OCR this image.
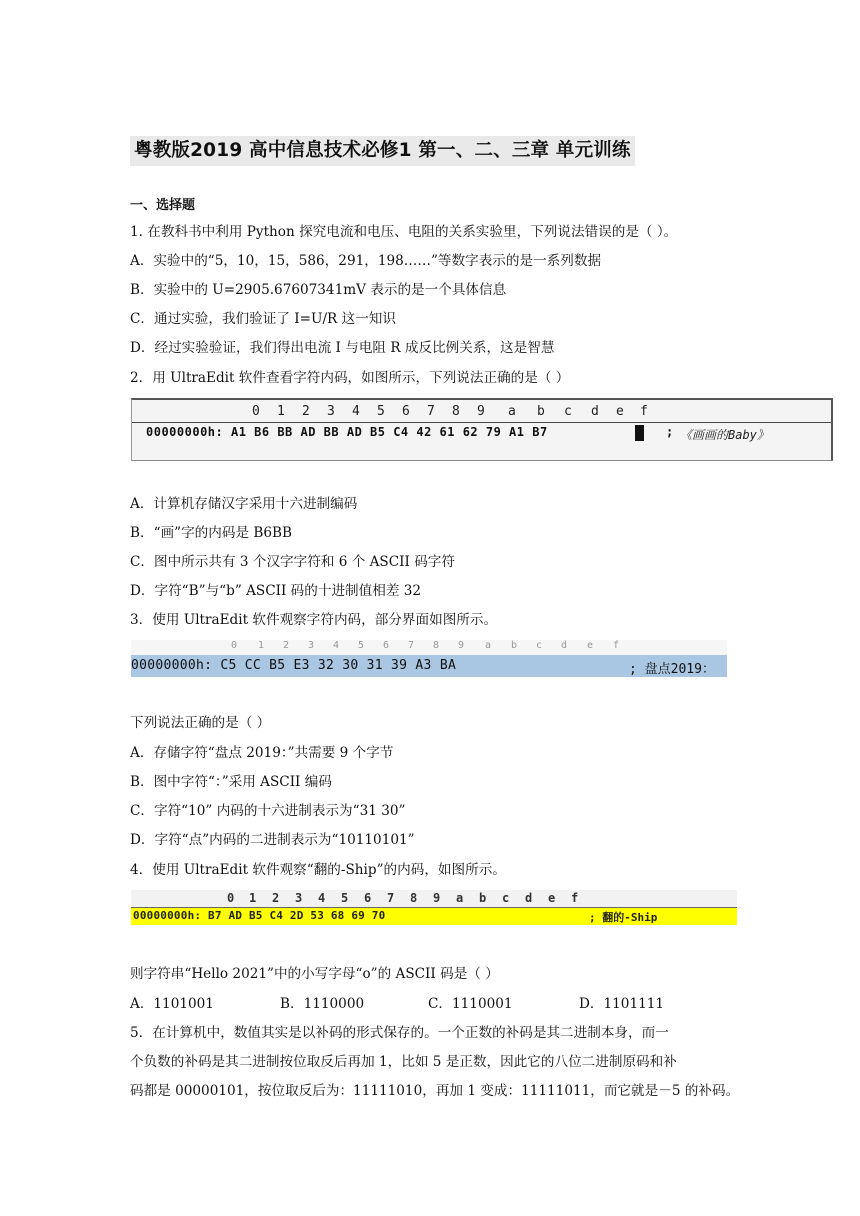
粤教版2019 高中信息技术必修1 第一、二、三章 单元训练
一、选择题
1. 在教科书中利用 Python 探究电流和电压、电阻的关系实验里，下列说法错误的是（ ）。
A．实验中的“5，10，15，586，291，198……”等数字表示的是一系列数据
B．实验中的 U=2905.67607341mV 表示的是一个具体信息
C．通过实验，我们验证了 I=U/R 这一知识
D．经过实验验证，我们得出电流 I 与电阻 R 成反比例关系，这是智慧
2．用 UltraEdit 软件查看字符内码，如图所示，下列说法正确的是（ ）
0 1 2 3 4 5 6 7 8 9 a b c d e f
00000000h: A1 B6 BB AD BB AD B5 C4 42 61 62 79 A1 B7	; 《画画的Baby》
A．计算机存储汉字采用十六进制编码
B．“画”字的内码是 B6BB
C．图中所示共有 3 个汉字字符和 6 个 ASCII 码字符
D．字符“B”与“b” ASCII 码的十进制值相差 32
3．使用 UltraEdit 软件观察字符内码，部分界面如图所示。
0 1 2 3 4 5 6 7 8 9 a b c d e f
00000000h: C5 CC B5 E3 32 30 31 39 A3 BA	; 盘点2019：
下列说法正确的是（ ）
A．存储字符“盘点 2019：”共需要 9 个字节
B．图中字符“：”采用 ASCII 编码
C．字符“10” 内码的十六进制表示为“31 30”
D．字符“点”内码的二进制表示为“10110101”
4．使用 UltraEdit 软件观察“翻的-Ship”的内码，如图所示。
0 1 2 3 4 5 6 7 8 9 a b c d e f
00000000h: B7 AD B5 C4 2D 53 68 69 70	; 翻的-Ship
则字符串“Hello 2021”中的小写字母“o”的 ASCII 码是（ ）
A．1101001	B．1110000	C．1110001	D．1101111
5．在计算机中，数值其实是以补码的形式保存的。一个正数的补码是其二进制本身，而一
个负数的补码是其二进制按位取反后再加 1，比如 5 是正数，因此它的八位二进制原码和补
码都是 00000101，按位取反后为：11111010，再加 1 变成：11111011，而它就是－5 的补码。
